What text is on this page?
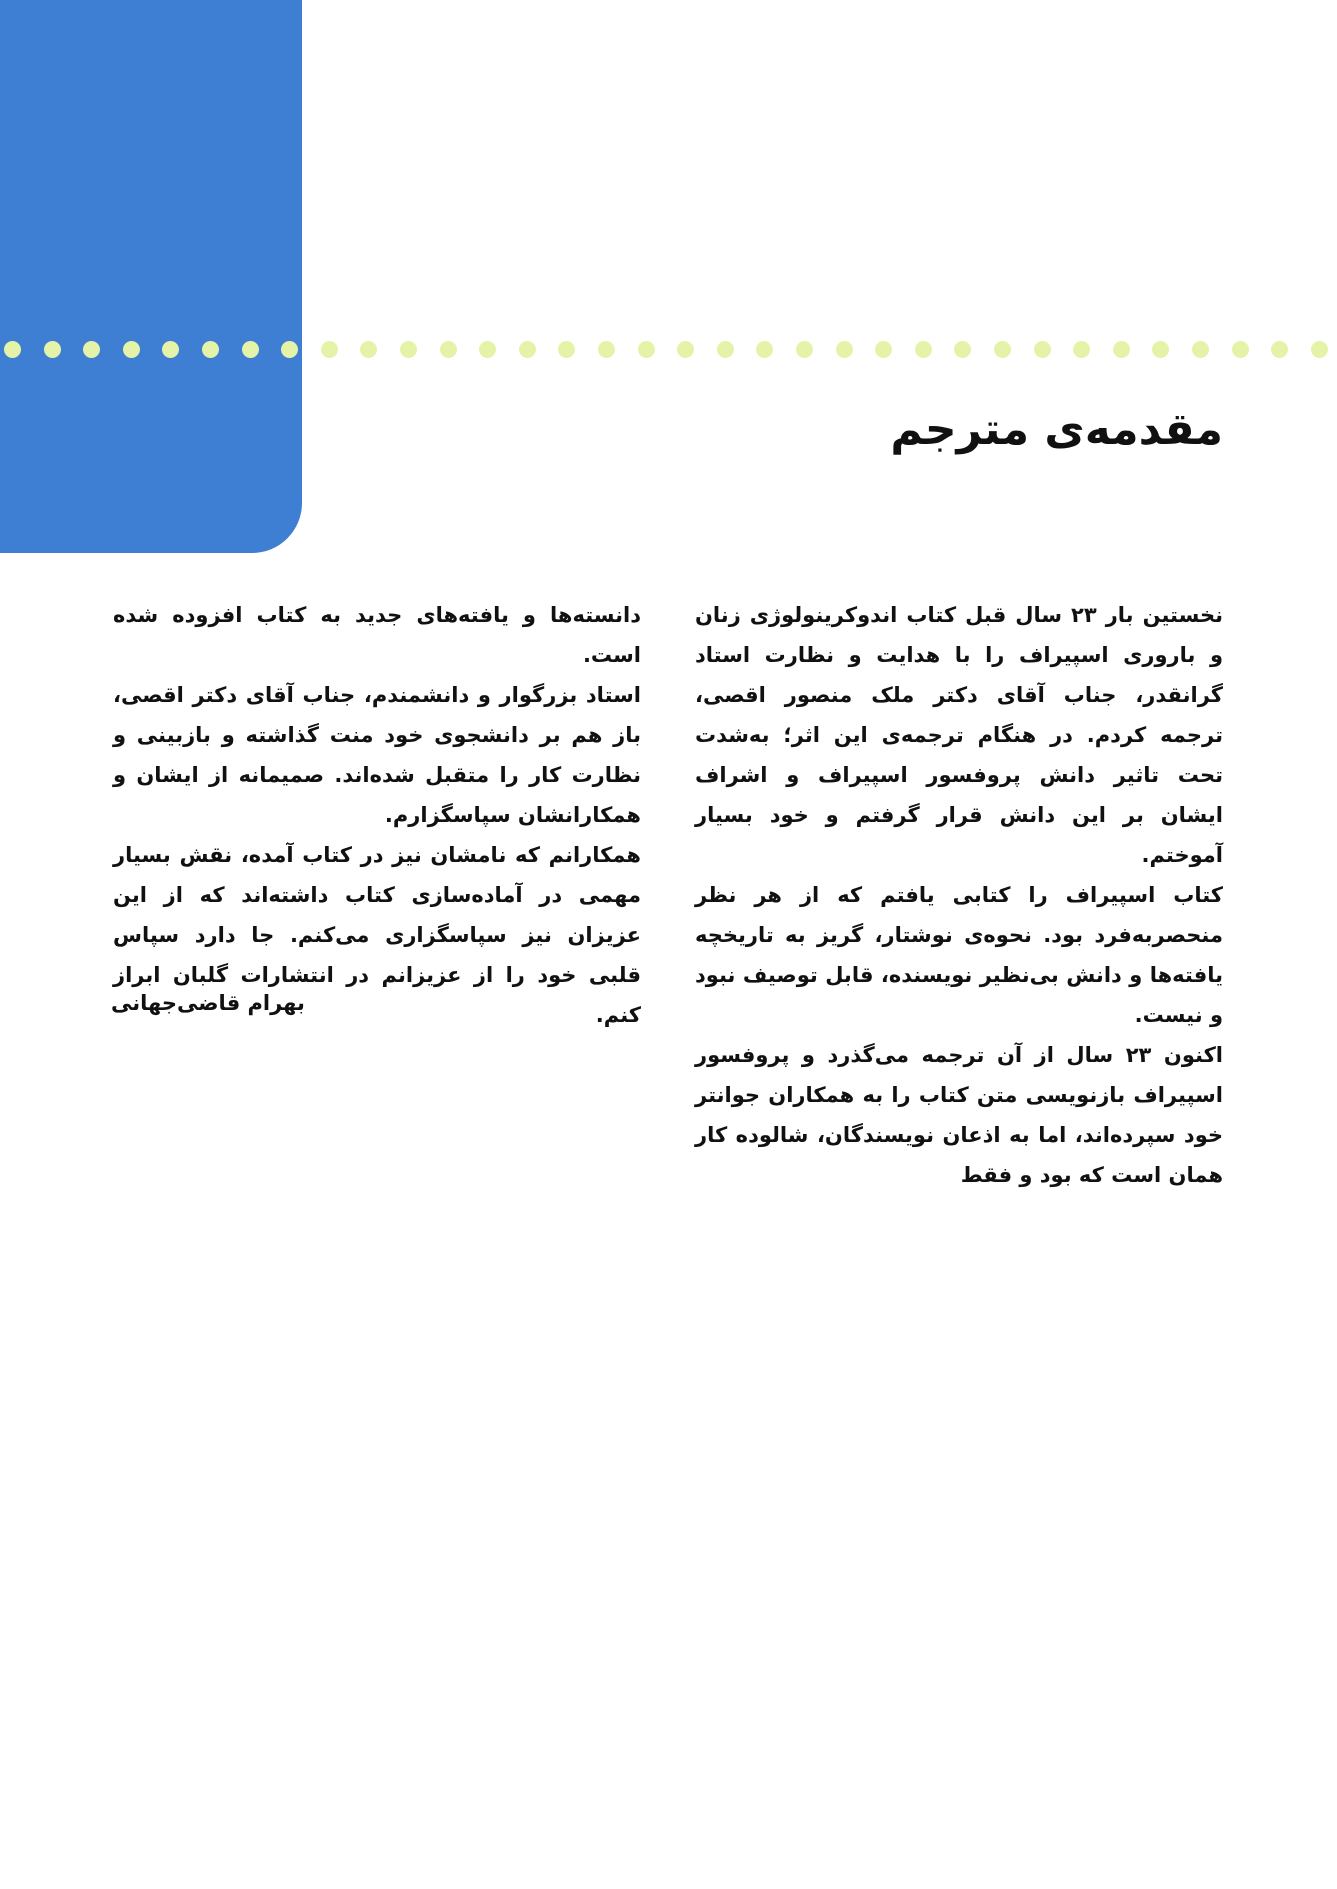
مقدمه‌ی مترجم

نخستین بار ۲۳ سال قبل کتاب اندوکرینولوژی زنان و باروری اسپیراف را با هدایت و نظارت استاد گرانقدر، جناب آقای دکتر ملک منصور اقصی، ترجمه کردم. در هنگام ترجمه‌ی این اثر؛ به‌شدت تحت تاثیر دانش پروفسور اسپیراف و اشراف ایشان بر این دانش قرار گرفتم و خود بسیار آموختم.

کتاب اسپیراف را کتابی یافتم که از هر نظر منحصربه‌فرد بود. نحوه‌ی نوشتار، گریز به تاریخچه یافته‌ها و دانش بی‌نظیر نویسنده، قابل توصیف نبود و نیست.

اکنون ۲۳ سال از آن ترجمه می‌گذرد و پروفسور اسپیراف بازنویسی متن کتاب را به همکاران جوانتر خود سپرده‌اند، اما به اذعان نویسندگان، شالوده کار همان است که بود و فقط

دانسته‌ها و یافته‌های جدید به کتاب افزوده شده است.

استاد بزرگوار و دانشمندم، جناب آقای دکتر اقصی، باز هم بر دانشجوی خود منت گذاشته و بازبینی و نظارت کار را متقبل شده‌اند. صمیمانه از ایشان و همکارانشان سپاسگزارم.

همکارانم که نامشان نیز در کتاب آمده، نقش بسیار مهمی در آماده‌سازی کتاب داشته‌اند که از این عزیزان نیز سپاسگزاری می‌کنم. جا دارد سپاس قلبی خود را از عزیزانم در انتشارات گلبان ابراز کنم.

بهرام قاضی‌جهانی
